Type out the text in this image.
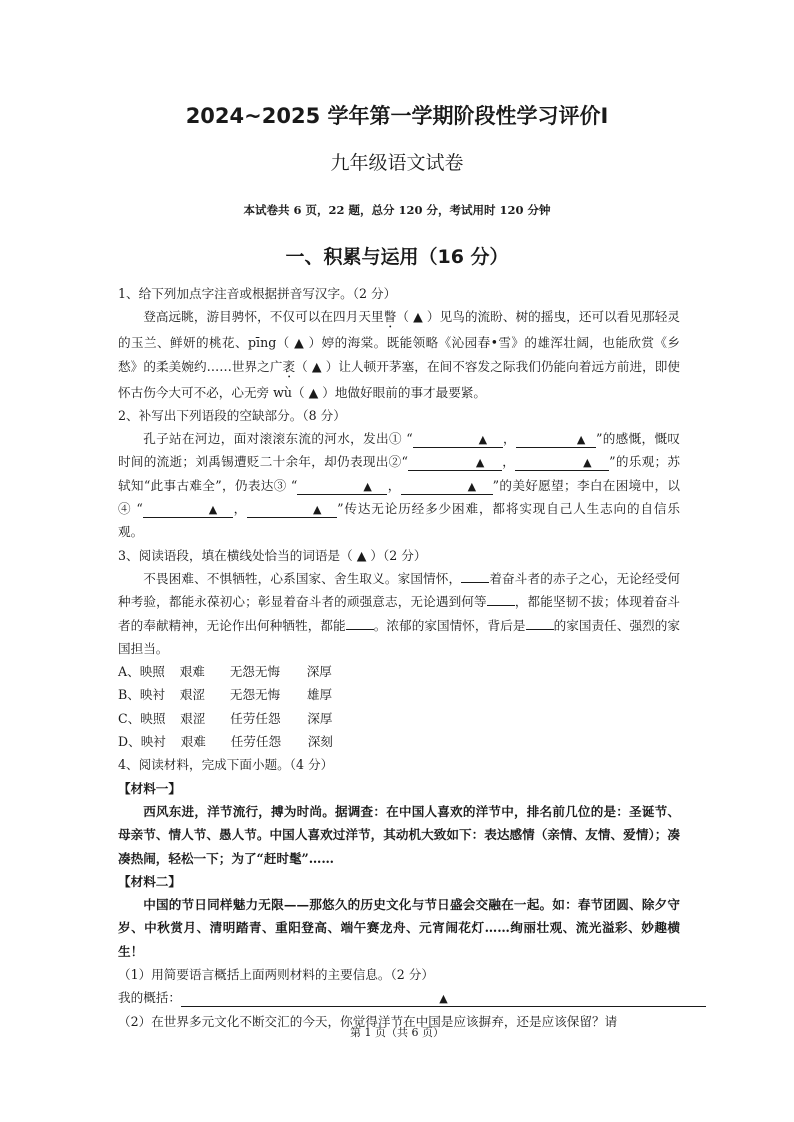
2024~2025 学年第一学期阶段性学习评价Ⅰ
九年级语文试卷
本试卷共 6 页，22 题，总分 120 分，考试用时 120 分钟
一、积累与运用（16 分）

1、给下列加点字注音或根据拼音写汉字。（2 分）

登高远眺，游目骋怀，不仅可以在四月天里瞥（ ▲ ）见鸟的流盼、树的摇曳，还可以看见那轻灵的玉兰、鲜妍的桃花、pīng（ ▲ ）婷的海棠。既能领略《沁园春•雪》的雄浑壮阔，也能欣赏《乡愁》的柔美婉约……世界之广袤（ ▲ ）让人顿开茅塞，在间不容发之际我们仍能向着远方前进，即使怀古伤今大可不必，心无旁 wù（ ▲ ）地做好眼前的事才最要紧。

2、补写出下列语段的空缺部分。（8 分）

孔子站在河边，面对滚滚东流的河水，发出① “	▲ ，	▲ ”的感慨，慨叹时间的流逝；刘禹锡遭贬二十余年，却仍表现出②“	▲ ，	▲ ”的乐观；苏轼知“此事古难全”，仍表达③ “	▲ ，	▲ ”的美好愿望；李白在困境中，以④ “	▲ ，	▲ ”传达无论历经多少困难，都将实现自己人生志向的自信乐观。

3、阅读语段，填在横线处恰当的词语是（ ▲ ）（2 分）

不畏困难、不惧牺牲，心系国家、舍生取义。家国情怀， 着奋斗者的赤子之心，无论经受何种考验，都能永葆初心；彰显着奋斗者的顽强意志，无论遇到何等 ，都能坚韧不拔；体现着奋斗者的奉献精神，无论作出何种牺牲，都能 。浓郁的家国情怀，背后是 的家国责任、强烈的家国担当。

A、映照 艰难 无怨无悔 深厚

B、映衬 艰涩 无怨无悔 雄厚

C、映照 艰涩 任劳任怨 深厚

D、映衬 艰难 任劳任怨 深刻

4、阅读材料，完成下面小题。（4 分）

【材料一】

西风东进，洋节流行，搏为时尚。据调查：在中国人喜欢的洋节中，排名前几位的是：圣诞节、母亲节、情人节、愚人节。中国人喜欢过洋节，其动机大致如下：表达感情（亲情、友情、爱情）；凑凑热闹，轻松一下；为了“赶时髦”……

【材料二】

中国的节日同样魅力无限——那悠久的历史文化与节日盛会交融在一起。如：春节团圆、除夕守岁、中秋赏月、清明踏青、重阳登高、端午赛龙舟、元宵闹花灯……绚丽壮观、流光溢彩、妙趣横生！

（1）用简要语言概括上面两则材料的主要信息。（2 分）

我的概括：	▲

（2）在世界多元文化不断交汇的今天，你觉得洋节在中国是应该摒弃，还是应该保留？请

第 1 页（共 6 页）
